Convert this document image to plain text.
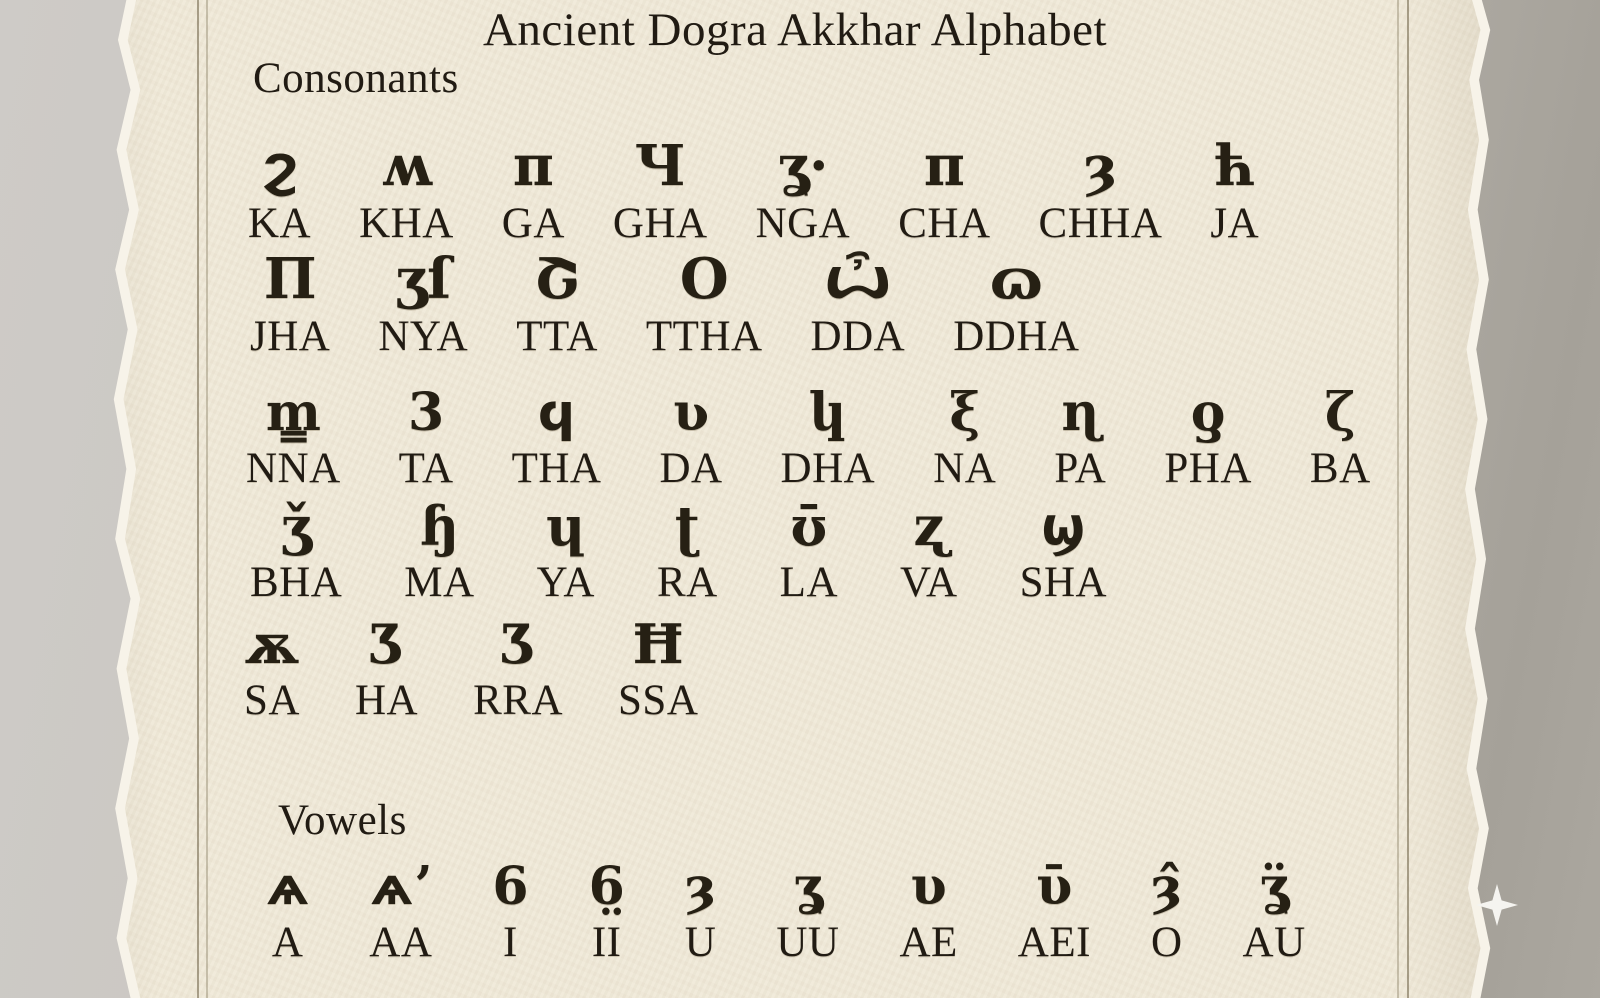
Ancient Dogra Akkhar Alphabet
Consonants
ϩ
KA
ʍ
KHA
π
GA
Ч
GHA
ʓ·
NGA
п
CHA
ȝ
CHHA
ћ
JA
Π
JHA
ӡſ
NYA
Շ
TTA
Ο
TTHA
ѽ
DDA
ɷ
DDHA
m̳
NNA
3
TA
ϥ
THA
ʋ
DA
կ
DHA
ξ
NA
ɳ
PA
ƍ
PHA
ζ
BA
ǯ
BHA
ɧ
MA
ɥ
YA
ʈ
RA
ʊ̄
LA
ʐ
VA
ϣ
SHA
ѫ
SA
Ʒ
HA
Ӡ
RRA
Ħ
SSA
Vowels
ѧ
A
ѧʼ
AA
6
I
6̤
II
ȝ
U
ʓ
UU
υ
AE
ῡ
AEI
ȝ̂
O
ʓ̈
AU
